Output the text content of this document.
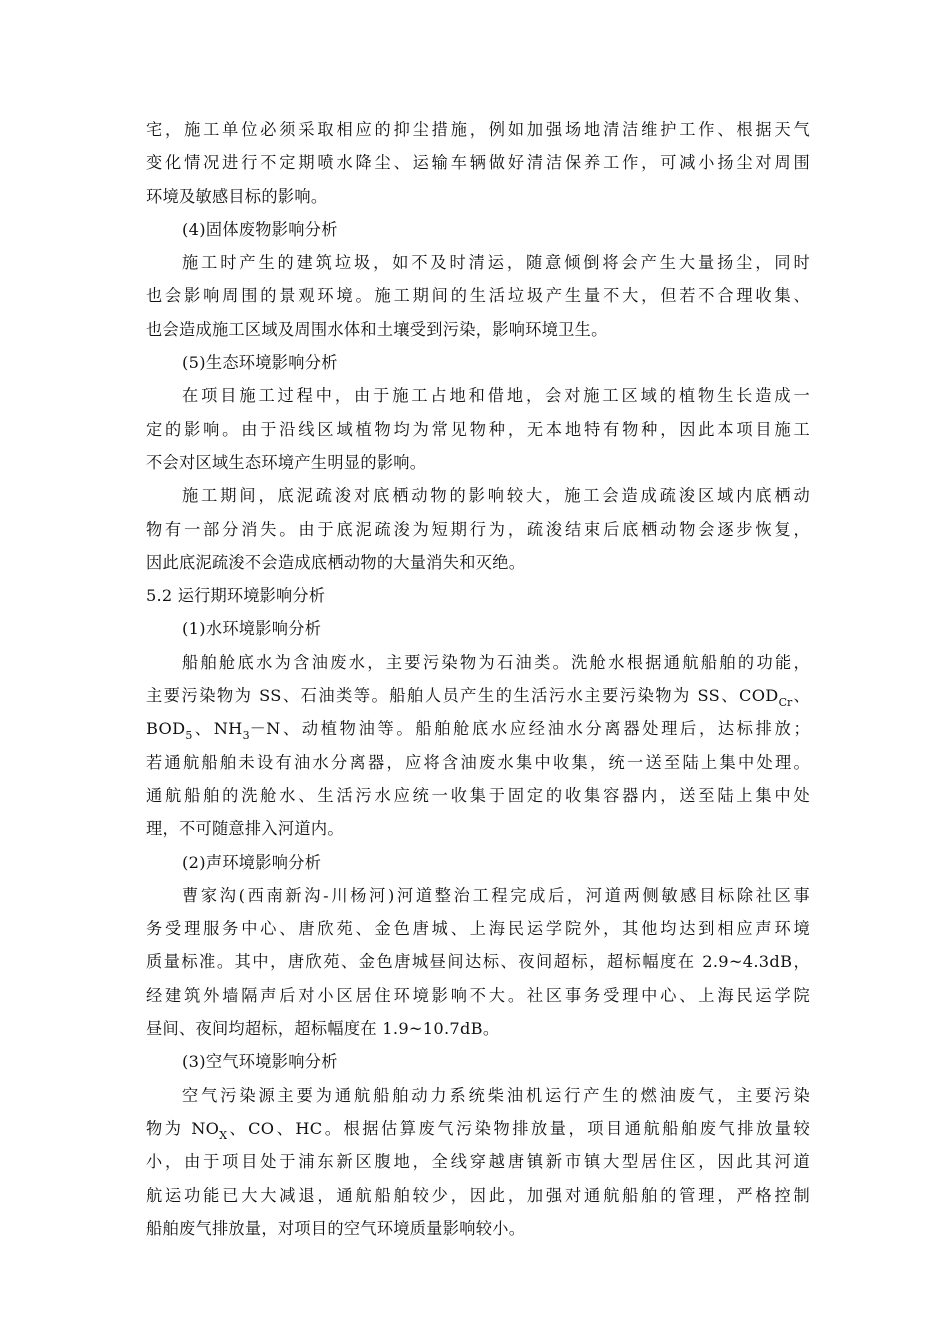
宅，施工单位必须采取相应的抑尘措施，例如加强场地清洁维护工作、根据天气
变化情况进行不定期喷水降尘、运输车辆做好清洁保养工作，可减小扬尘对周围
环境及敏感目标的影响。
(4)固体废物影响分析
施工时产生的建筑垃圾，如不及时清运，随意倾倒将会产生大量扬尘，同时
也会影响周围的景观环境。施工期间的生活垃圾产生量不大，但若不合理收集、
也会造成施工区域及周围水体和土壤受到污染，影响环境卫生。
(5)生态环境影响分析
在项目施工过程中，由于施工占地和借地，会对施工区域的植物生长造成一
定的影响。由于沿线区域植物均为常见物种，无本地特有物种，因此本项目施工
不会对区域生态环境产生明显的影响。
施工期间，底泥疏浚对底栖动物的影响较大，施工会造成疏浚区域内底栖动
物有一部分消失。由于底泥疏浚为短期行为，疏浚结束后底栖动物会逐步恢复，
因此底泥疏浚不会造成底栖动物的大量消失和灭绝。
5.2 运行期环境影响分析
(1)水环境影响分析
船舶舱底水为含油废水，主要污染物为石油类。洗舱水根据通航船舶的功能，
主要污染物为 SS、石油类等。船舶人员产生的生活污水主要污染物为 SS、$COD_{Cr}$、
$BOD_5$、$NH_3-N$、动植物油等。船舶舱底水应经油水分离器处理后，达标排放；
若通航船舶未设有油水分离器，应将含油废水集中收集，统一送至陆上集中处理。
通航船舶的洗舱水、生活污水应统一收集于固定的收集容器内，送至陆上集中处
理，不可随意排入河道内。
(2)声环境影响分析
曹家沟(西南新沟-川杨河)河道整治工程完成后，河道两侧敏感目标除社区事
务受理服务中心、唐欣苑、金色唐城、上海民运学院外，其他均达到相应声环境
质量标准。其中，唐欣苑、金色唐城昼间达标、夜间超标，超标幅度在 2.9~4.3dB，
经建筑外墙隔声后对小区居住环境影响不大。社区事务受理中心、上海民运学院
昼间、夜间均超标，超标幅度在 1.9~10.7dB。
(3)空气环境影响分析
空气污染源主要为通航船舶动力系统柴油机运行产生的燃油废气，主要污染
物为 $NO_X$、CO、HC。根据估算废气污染物排放量，项目通航船舶废气排放量较
小，由于项目处于浦东新区腹地，全线穿越唐镇新市镇大型居住区，因此其河道
航运功能已大大减退，通航船舶较少，因此，加强对通航船舶的管理，严格控制
船舶废气排放量，对项目的空气环境质量影响较小。
